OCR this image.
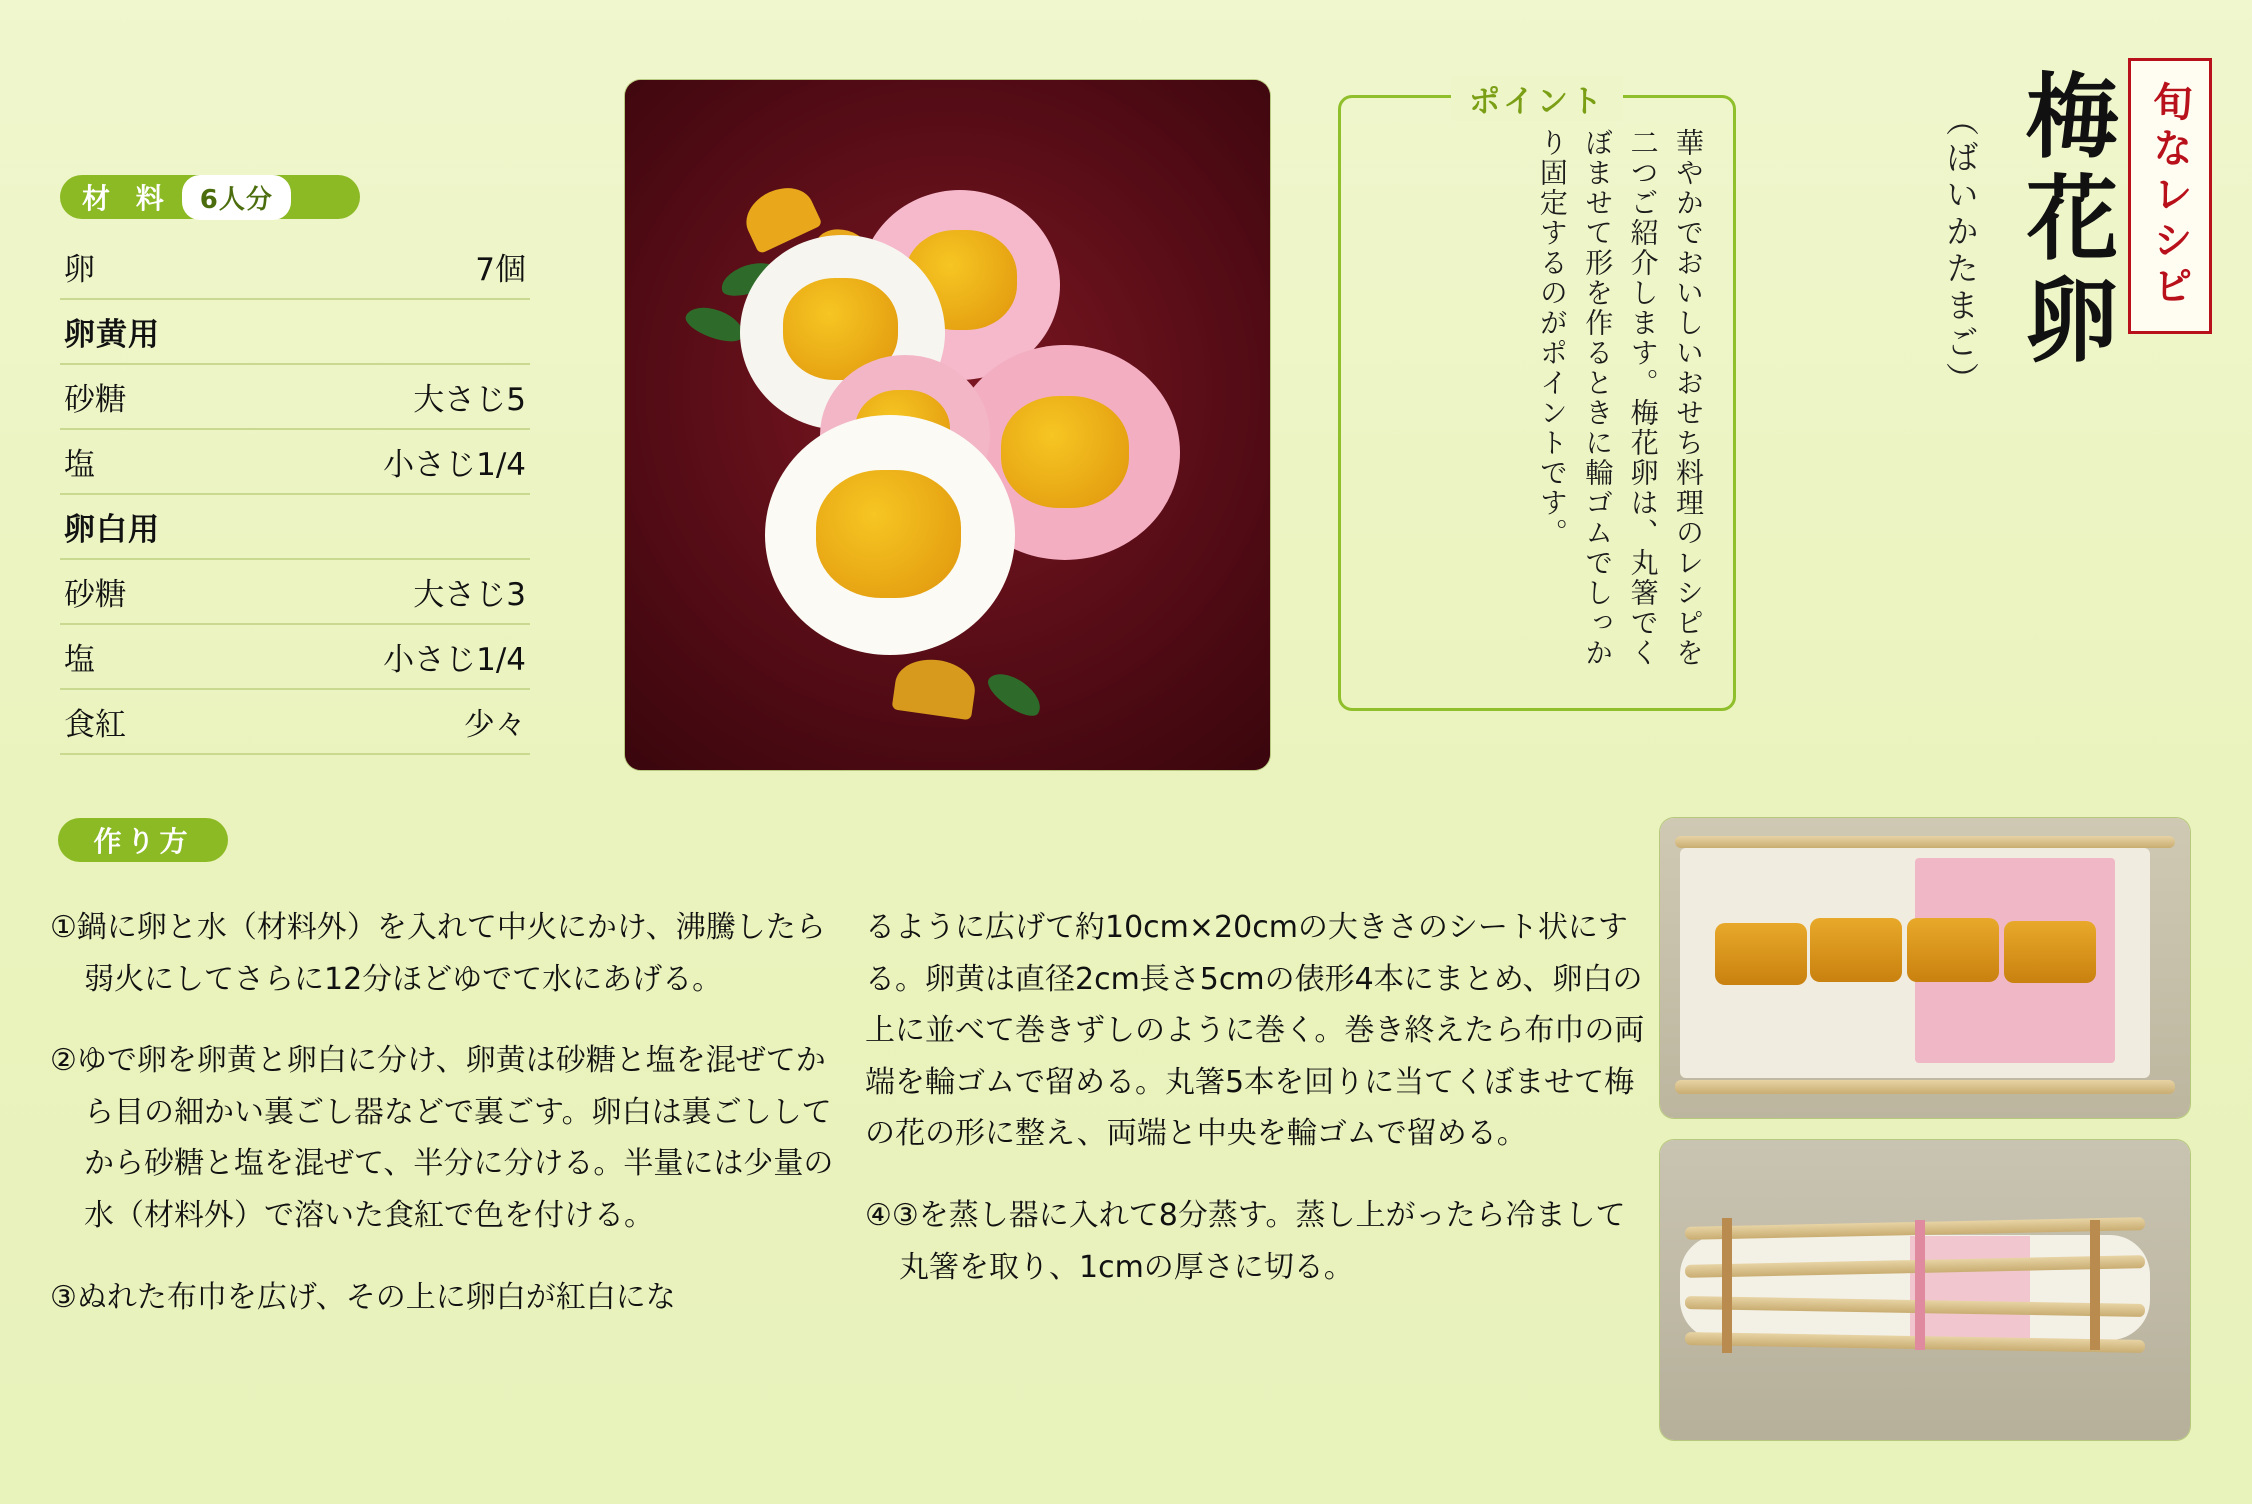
旬なレシピ
梅花卵
（ばいかたまご）
ポイント
華やかでおいしいおせち料理のレシピを二つご紹介します。梅花卵は、丸箸でくぼませて形を作るときに輪ゴムでしっかり固定するのがポイントです。
材 料	6人分
卵	7個
卵黄用	
砂糖	大さじ5
塩	小さじ1/4
卵白用	
砂糖	大さじ3
塩	小さじ1/4
食紅	少々
作り方

①鍋に卵と水（材料外）を入れて中火にかけ、沸騰したら弱火にしてさらに12分ほどゆでて水にあげる。

②ゆで卵を卵黄と卵白に分け、卵黄は砂糖と塩を混ぜてから目の細かい裏ごし器などで裏ごす。卵白は裏ごししてから砂糖と塩を混ぜて、半分に分ける。半量には少量の水（材料外）で溶いた食紅で色を付ける。

③ぬれた布巾を広げ、その上に卵白が紅白にな

るように広げて約10cm×20cmの大きさのシート状にする。卵黄は直径2cm長さ5cmの俵形4本にまとめ、卵白の上に並べて巻きずしのように巻く。巻き終えたら布巾の両端を輪ゴムで留める。丸箸5本を回りに当てくぼませて梅の花の形に整え、両端と中央を輪ゴムで留める。

④③を蒸し器に入れて8分蒸す。蒸し上がったら冷まして丸箸を取り、1cmの厚さに切る。
